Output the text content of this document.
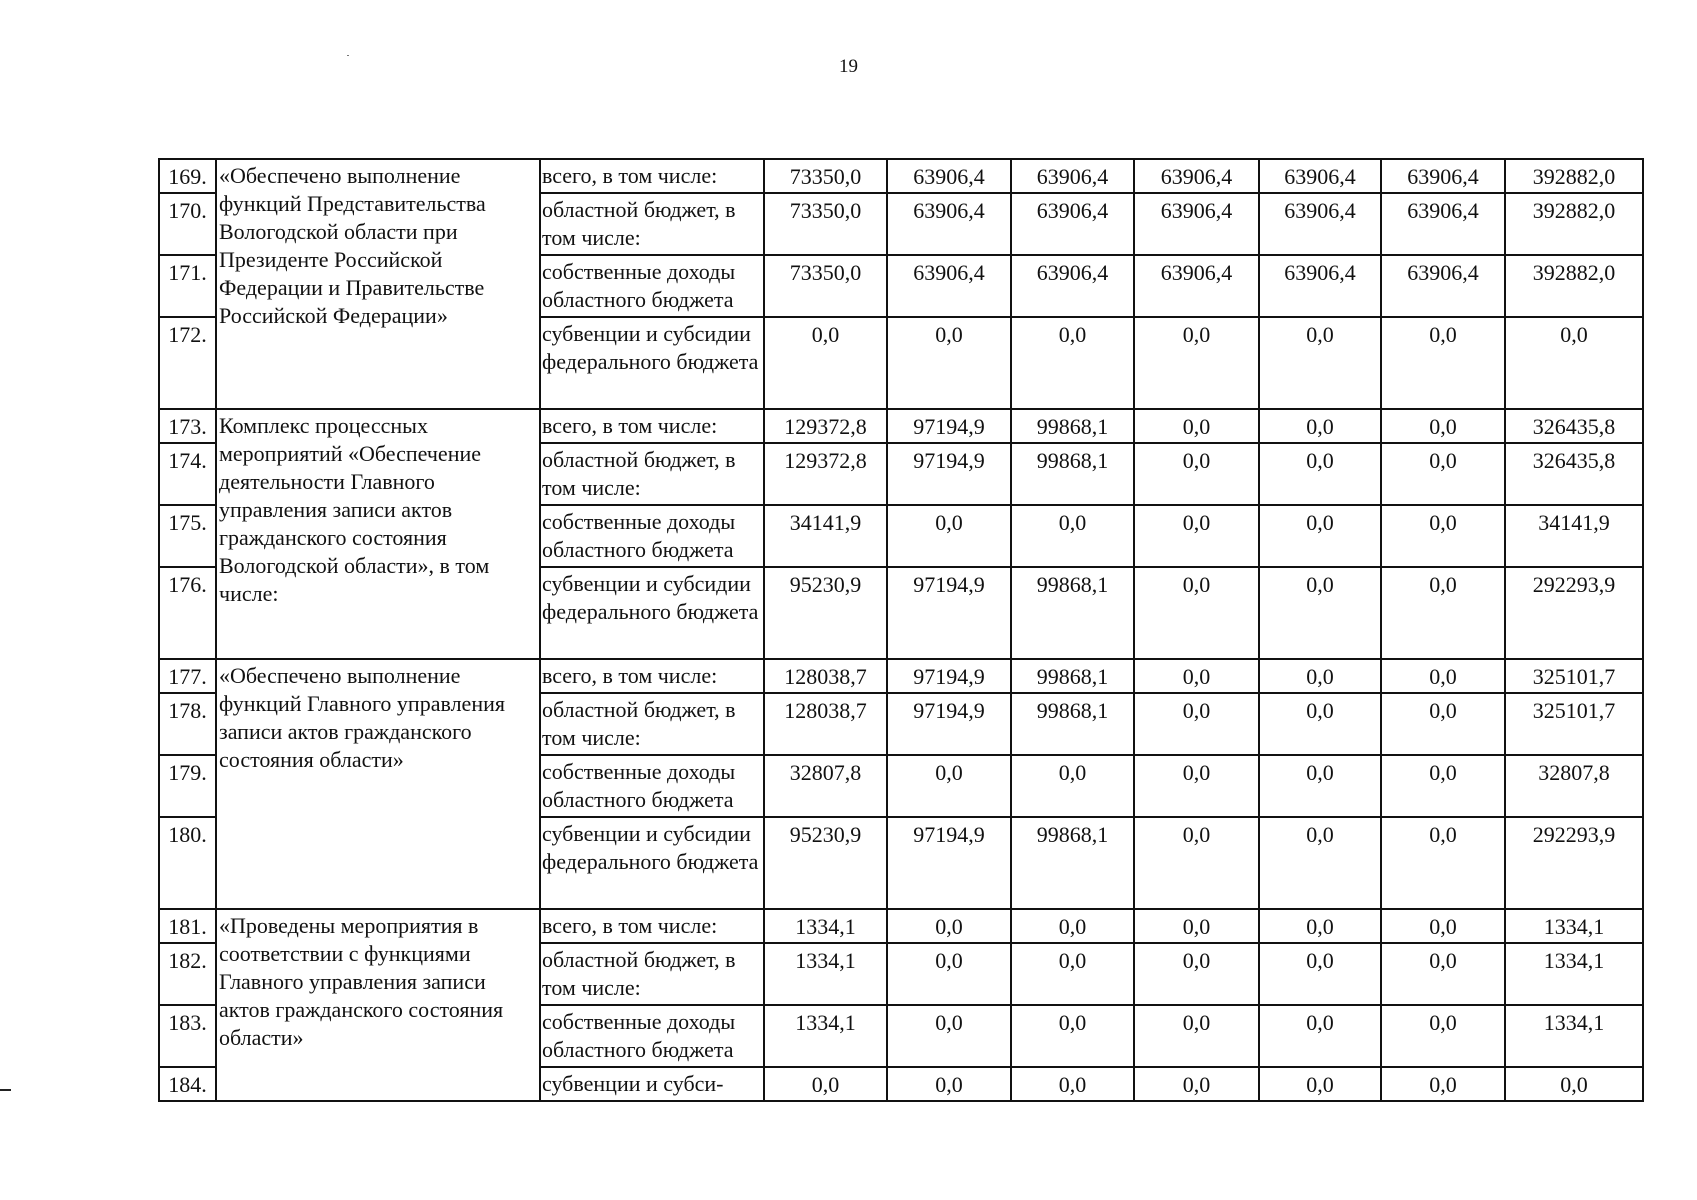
19
169.	«Обеспечено выполнение функций Представительства Вологодской области при Президенте Российской Федерации и Правительстве Российской Федерации»	всего, в том числе:	73350,0	63906,4	63906,4	63906,4	63906,4	63906,4	392882,0
170.		областной бюджет, в том числе:	73350,0	63906,4	63906,4	63906,4	63906,4	63906,4	392882,0
171.		собственные доходы областного бюджета	73350,0	63906,4	63906,4	63906,4	63906,4	63906,4	392882,0
172.		субвенции и субсидии федерального бюджета	0,0	0,0	0,0	0,0	0,0	0,0	0,0
173.	Комплекс процессных мероприятий «Обеспечение деятельности Главного управления записи актов гражданского состояния Вологодской области», в том числе:	всего, в том числе:	129372,8	97194,9	99868,1	0,0	0,0	0,0	326435,8
174.		областной бюджет, в том числе:	129372,8	97194,9	99868,1	0,0	0,0	0,0	326435,8
175.		собственные доходы областного бюджета	34141,9	0,0	0,0	0,0	0,0	0,0	34141,9
176.		субвенции и субсидии федерального бюджета	95230,9	97194,9	99868,1	0,0	0,0	0,0	292293,9
177.	«Обеспечено выполнение функций Главного управления записи актов гражданского состояния области»	всего, в том числе:	128038,7	97194,9	99868,1	0,0	0,0	0,0	325101,7
178.		областной бюджет, в том числе:	128038,7	97194,9	99868,1	0,0	0,0	0,0	325101,7
179.		собственные доходы областного бюджета	32807,8	0,0	0,0	0,0	0,0	0,0	32807,8
180.		субвенции и субсидии федерального бюджета	95230,9	97194,9	99868,1	0,0	0,0	0,0	292293,9
181.	«Проведены мероприятия в соответствии с функциями Главного управления записи актов гражданского состояния области»	всего, в том числе:	1334,1	0,0	0,0	0,0	0,0	0,0	1334,1
182.		областной бюджет, в том числе:	1334,1	0,0	0,0	0,0	0,0	0,0	1334,1
183.		собственные доходы областного бюджета	1334,1	0,0	0,0	0,0	0,0	0,0	1334,1
184.		субвенции и субси-	0,0	0,0	0,0	0,0	0,0	0,0	0,0
